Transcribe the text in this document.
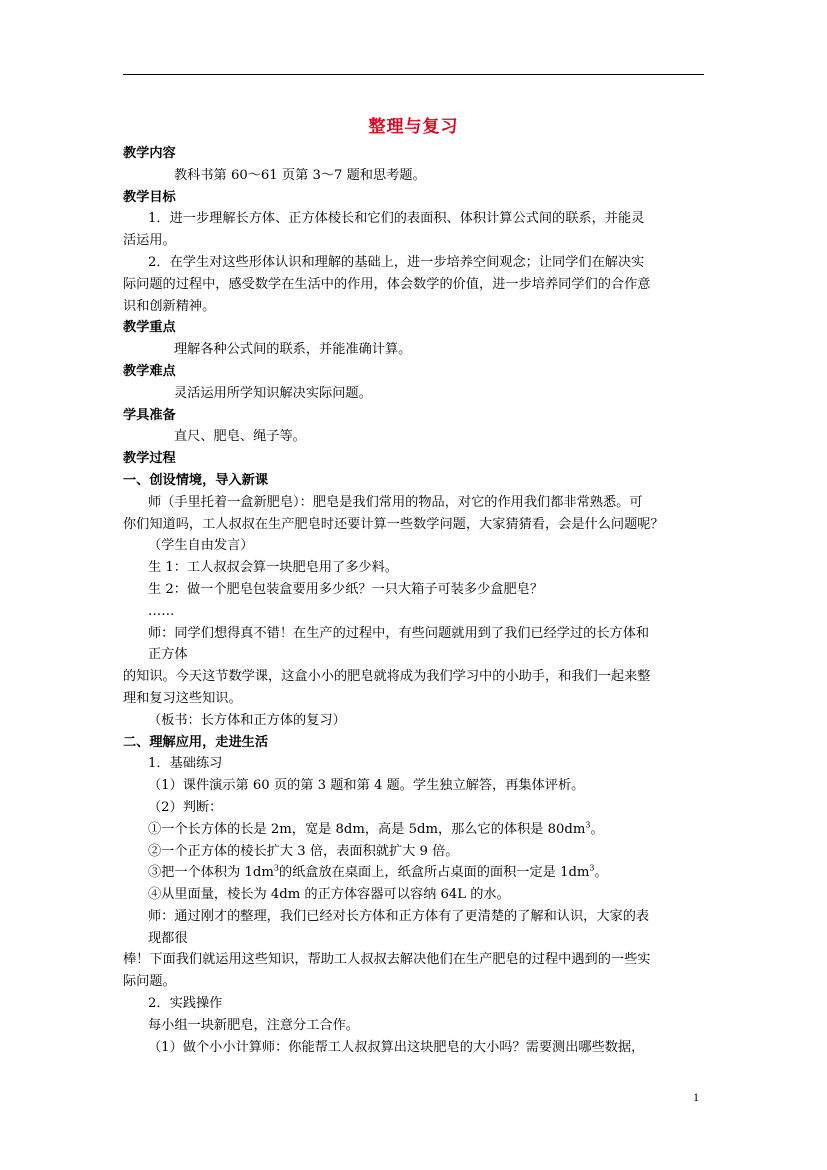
整理与复习
教学内容
教科书第 60～61 页第 3～7 题和思考题。
教学目标
1．进一步理解长方体、正方体棱长和它们的表面积、体积计算公式间的联系，并能灵
活运用。
2．在学生对这些形体认识和理解的基础上，进一步培养空间观念；让同学们在解决实
际问题的过程中，感受数学在生活中的作用，体会数学的价值，进一步培养同学们的合作意
识和创新精神。
教学重点
理解各种公式间的联系，并能准确计算。
教学难点
灵活运用所学知识解决实际问题。
学具准备
直尺、肥皂、绳子等。
教学过程
一、创设情境，导入新课
师（手里托着一盒新肥皂）：肥皂是我们常用的物品，对它的作用我们都非常熟悉。可
你们知道吗，工人叔叔在生产肥皂时还要计算一些数学问题，大家猜猜看，会是什么问题呢？
（学生自由发言）
生 1：工人叔叔会算一块肥皂用了多少料。
生 2：做一个肥皂包装盒要用多少纸？一只大箱子可装多少盒肥皂？
……
师：同学们想得真不错！在生产的过程中，有些问题就用到了我们已经学过的长方体和
正方体
的知识。今天这节数学课，这盒小小的肥皂就将成为我们学习中的小助手，和我们一起来整
理和复习这些知识。
（板书：长方体和正方体的复习）
二、理解应用，走进生活
1．基础练习
（1）课件演示第 60 页的第 3 题和第 4 题。学生独立解答，再集体评析。
（2）判断：
①一个长方体的长是 2m，宽是 8dm，高是 5dm，那么它的体积是 $80dm^3$。
②一个正方体的棱长扩大 3 倍，表面积就扩大 9 倍。
③把一个体积为 $1dm^3$的纸盒放在桌面上，纸盒所占桌面的面积一定是 $1dm^3$。
④从里面量，棱长为 4dm 的正方体容器可以容纳 64L 的水。
师：通过刚才的整理，我们已经对长方体和正方体有了更清楚的了解和认识，大家的表
现都很
棒！下面我们就运用这些知识，帮助工人叔叔去解决他们在生产肥皂的过程中遇到的一些实
际问题。
2．实践操作
每小组一块新肥皂，注意分工合作。
（1）做个小小计算师：你能帮工人叔叔算出这块肥皂的大小吗？需要测出哪些数据，
1
